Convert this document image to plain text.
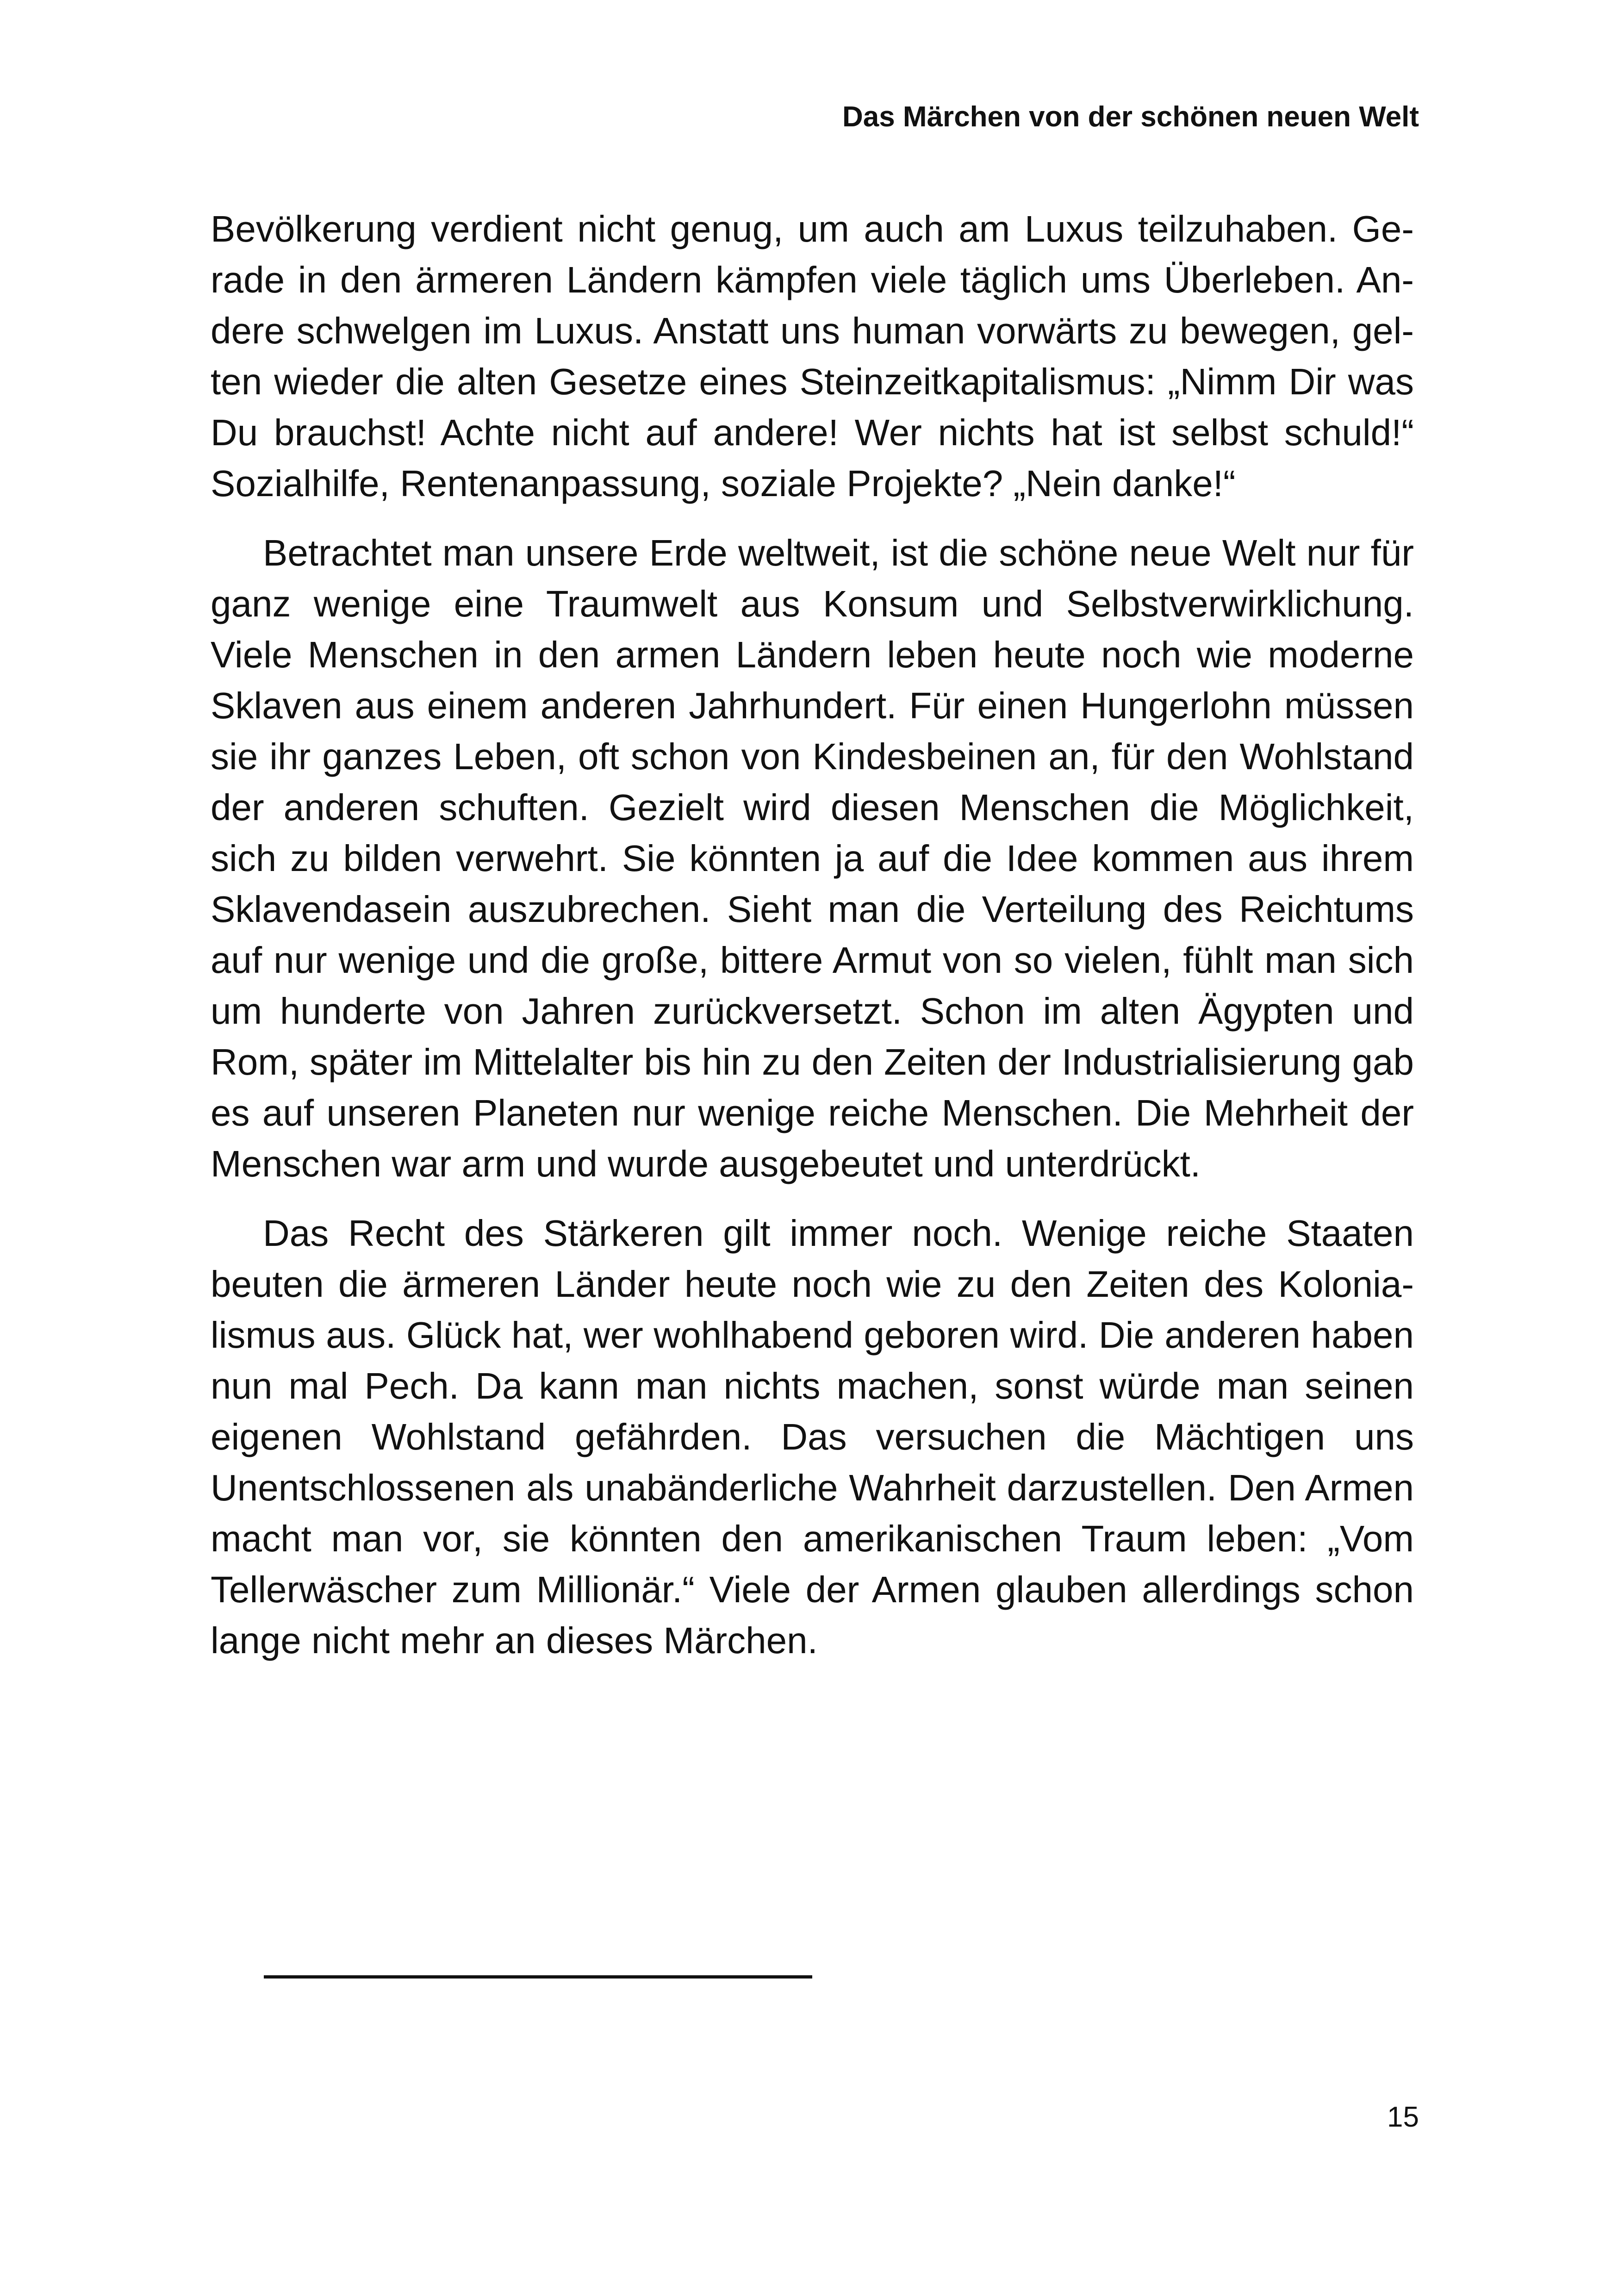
Das Märchen von der schönen neuen Welt

Bevölkerung verdient nicht genug, um auch am Luxus teilzuhaben. Gerade in den ärmeren Ländern kämpfen viele täglich ums Überleben. Andere schwelgen im Luxus. Anstatt uns human vorwärts zu bewegen, gelten wieder die alten Gesetze eines Steinzeitkapitalismus: „Nimm Dir was Du brauchst! Achte nicht auf andere! Wer nichts hat ist selbst schuld!“ Sozialhilfe, Rentenanpassung, soziale Projekte? „Nein danke!“

Betrachtet man unsere Erde weltweit, ist die schöne neue Welt nur für ganz wenige eine Traumwelt aus Konsum und Selbstverwirklichung. Viele Menschen in den armen Ländern leben heute noch wie moderne Sklaven aus einem anderen Jahrhundert. Für einen Hungerlohn müssen sie ihr ganzes Leben, oft schon von Kindesbeinen an, für den Wohlstand der anderen schuften. Gezielt wird diesen Menschen die Möglichkeit, sich zu bilden verwehrt. Sie könnten ja auf die Idee kommen aus ihrem Sklavendasein auszubrechen. Sieht man die Verteilung des Reichtums auf nur wenige und die große, bittere Armut von so vielen, fühlt man sich um hunderte von Jahren zurückversetzt. Schon im alten Ägypten und Rom, später im Mittelalter bis hin zu den Zeiten der Industrialisierung gab es auf unseren Planeten nur wenige reiche Menschen. Die Mehrheit der Menschen war arm und wurde ausgebeutet und unterdrückt.

Das Recht des Stärkeren gilt immer noch. Wenige reiche Staaten beuten die ärmeren Länder heute noch wie zu den Zeiten des Kolonialismus aus. Glück hat, wer wohlhabend geboren wird. Die anderen haben nun mal Pech. Da kann man nichts machen, sonst würde man seinen eigenen Wohlstand gefährden. Das versuchen die Mächtigen uns Unentschlossenen als unabänderliche Wahrheit darzustellen. Den Armen macht man vor, sie könnten den amerikanischen Traum leben: „Vom Tellerwäscher zum Millionär.“ Viele der Armen glauben allerdings schon lange nicht mehr an dieses Märchen.

15
